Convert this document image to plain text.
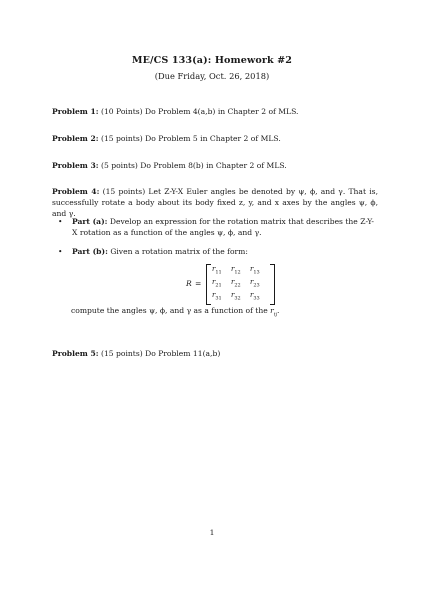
ME/CS 133(a): Homework #2
(Due Friday, Oct. 26, 2018)
Problem 1: (10 Points) Do Problem 4(a,b) in Chapter 2 of MLS.
Problem 2: (15 points) Do Problem 5 in Chapter 2 of MLS.
Problem 3: (5 points) Do Problem 8(b) in Chapter 2 of MLS.
Problem 4: (15 points) Let Z-Y-X Euler angles be denoted by ψ, ϕ, and γ. That is, successfully rotate a body about its body fixed z, y, and x axes by the angles ψ, ϕ, and γ.
• Part (a): Develop an expression for the rotation matrix that describes the Z-Y-X rotation as a function of the angles ψ, ϕ, and γ.
• Part (b): Given a rotation matrix of the form:
R =
$r_{11}$ $r_{12}$ $r_{13}$
$r_{21}$ $r_{22}$ $r_{23}$
$r_{31}$ $r_{32}$ $r_{33}$
compute the angles ψ, ϕ, and γ as a function of the $r_{ij}$.
Problem 5: (15 points) Do Problem 11(a,b)
1
